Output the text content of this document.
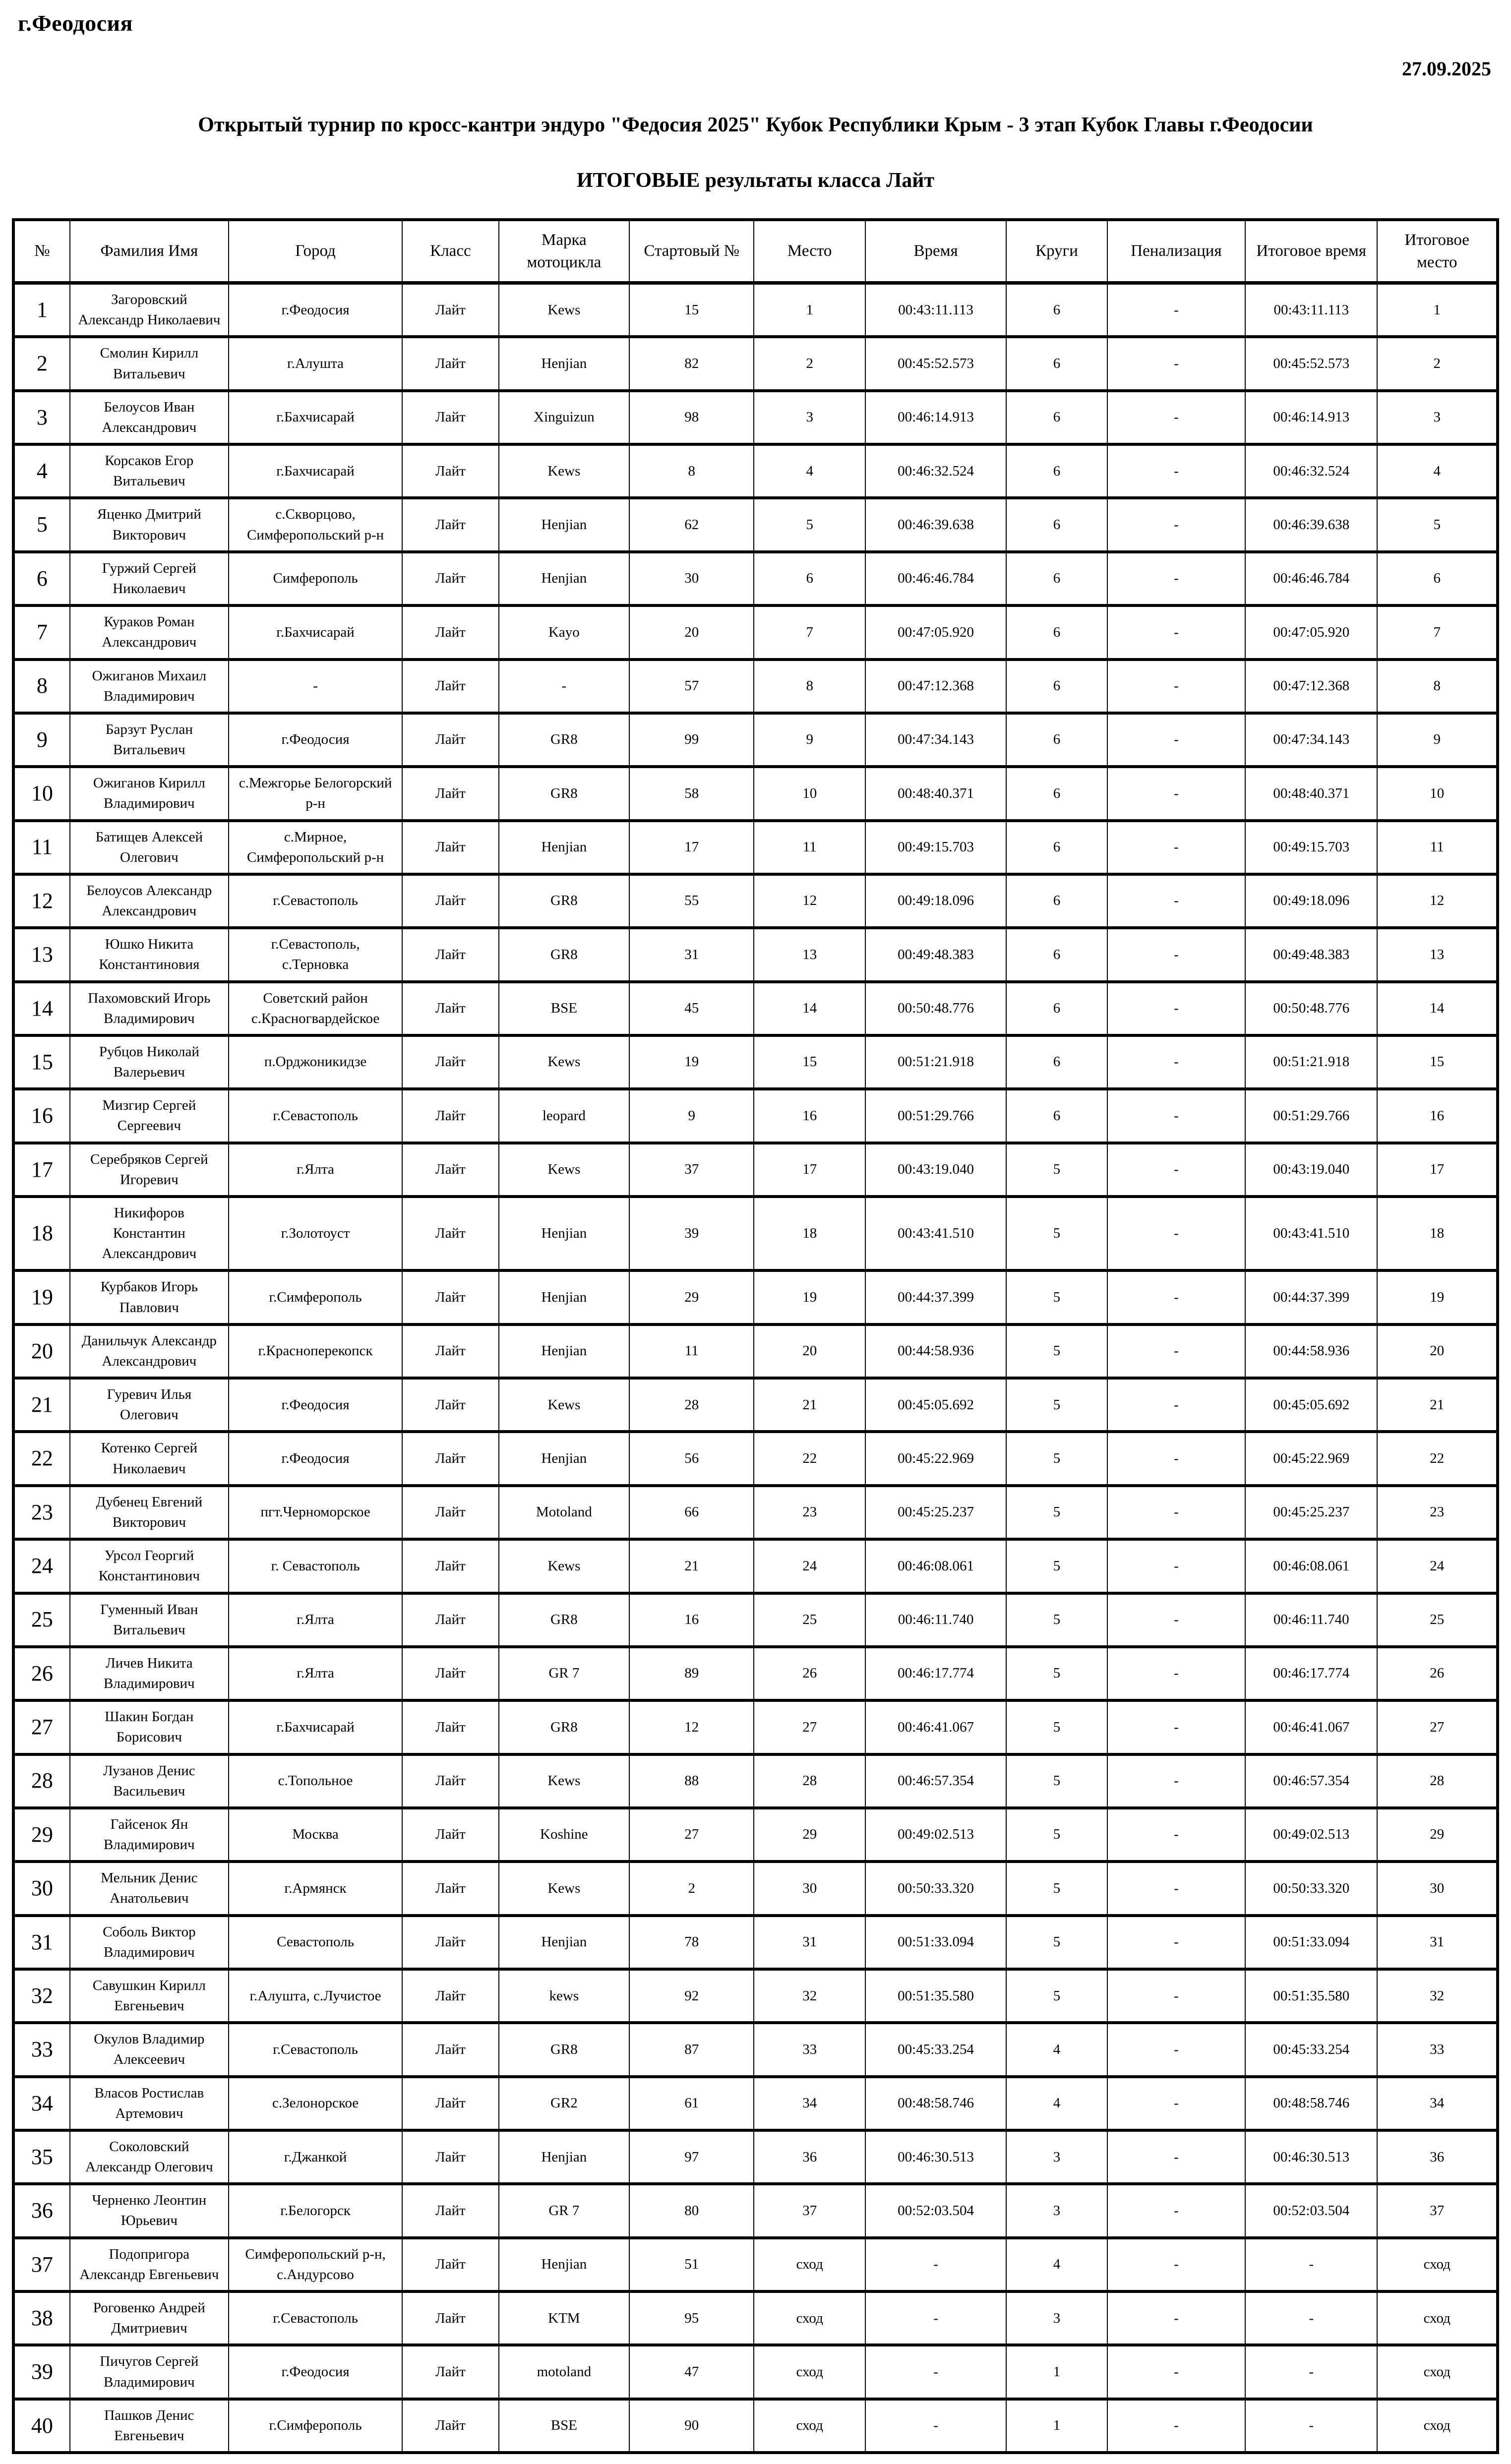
г.Феодосия
27.09.2025
Открытый турнир по кросс-кантри эндуро "Федосия 2025" Кубок Республики Крым - 3 этап Кубок Главы г.Феодосии
ИТОГОВЫЕ результаты класса Лайт
№	Фамилия Имя	Город	Класс	Марка мотоцикла	Стартовый №	Место	Время	Круги	Пенализация	Итоговое время	Итоговое место
1	Загоровский Александр Николаевич	г.Феодосия	Лайт	Kews	15	1	00:43:11.113	6	-	00:43:11.113	1
2	Смолин Кирилл Витальевич	г.Алушта	Лайт	Henjian	82	2	00:45:52.573	6	-	00:45:52.573	2
3	Белоусов Иван Александрович	г.Бахчисарай	Лайт	Xinguizun	98	3	00:46:14.913	6	-	00:46:14.913	3
4	Корсаков Егор Витальевич	г.Бахчисарай	Лайт	Kews	8	4	00:46:32.524	6	-	00:46:32.524	4
5	Яценко Дмитрий Викторович	с.Скворцово, Симферопольский р-н	Лайт	Henjian	62	5	00:46:39.638	6	-	00:46:39.638	5
6	Гуржий Сергей Николаевич	Симферополь	Лайт	Henjian	30	6	00:46:46.784	6	-	00:46:46.784	6
7	Кураков Роман Александрович	г.Бахчисарай	Лайт	Kayo	20	7	00:47:05.920	6	-	00:47:05.920	7
8	Ожиганов Михаил Владимирович	-	Лайт	-	57	8	00:47:12.368	6	-	00:47:12.368	8
9	Барзут Руслан Витальевич	г.Феодосия	Лайт	GR8	99	9	00:47:34.143	6	-	00:47:34.143	9
10	Ожиганов Кирилл Владимирович	с.Межгорье Белогорский р-н	Лайт	GR8	58	10	00:48:40.371	6	-	00:48:40.371	10
11	Батищев Алексей Олегович	с.Мирное, Симферопольский р-н	Лайт	Henjian	17	11	00:49:15.703	6	-	00:49:15.703	11
12	Белоусов Александр Александрович	г.Севастополь	Лайт	GR8	55	12	00:49:18.096	6	-	00:49:18.096	12
13	Юшко Никита Константиновия	г.Севастополь, с.Терновка	Лайт	GR8	31	13	00:49:48.383	6	-	00:49:48.383	13
14	Пахомовский Игорь Владимирович	Советский район с.Красногвардейское	Лайт	BSE	45	14	00:50:48.776	6	-	00:50:48.776	14
15	Рубцов Николай Валерьевич	п.Орджоникидзе	Лайт	Kews	19	15	00:51:21.918	6	-	00:51:21.918	15
16	Мизгир Сергей Сергеевич	г.Севастополь	Лайт	leopard	9	16	00:51:29.766	6	-	00:51:29.766	16
17	Серебряков Сергей Игоревич	г.Ялта	Лайт	Kews	37	17	00:43:19.040	5	-	00:43:19.040	17
18	Никифоров Константин Александрович	г.Золотоуст	Лайт	Henjian	39	18	00:43:41.510	5	-	00:43:41.510	18
19	Курбаков Игорь Павлович	г.Симферополь	Лайт	Henjian	29	19	00:44:37.399	5	-	00:44:37.399	19
20	Данильчук Александр Александрович	г.Красноперекопск	Лайт	Henjian	11	20	00:44:58.936	5	-	00:44:58.936	20
21	Гуревич Илья Олегович	г.Феодосия	Лайт	Kews	28	21	00:45:05.692	5	-	00:45:05.692	21
22	Котенко Сергей Николаевич	г.Феодосия	Лайт	Henjian	56	22	00:45:22.969	5	-	00:45:22.969	22
23	Дубенец Евгений Викторович	пгт.Черноморское	Лайт	Motoland	66	23	00:45:25.237	5	-	00:45:25.237	23
24	Урсол Георгий Константинович	г. Севастополь	Лайт	Kews	21	24	00:46:08.061	5	-	00:46:08.061	24
25	Гуменный Иван Витальевич	г.Ялта	Лайт	GR8	16	25	00:46:11.740	5	-	00:46:11.740	25
26	Личев Никита Владимирович	г.Ялта	Лайт	GR 7	89	26	00:46:17.774	5	-	00:46:17.774	26
27	Шакин Богдан Борисович	г.Бахчисарай	Лайт	GR8	12	27	00:46:41.067	5	-	00:46:41.067	27
28	Лузанов Денис Васильевич	с.Топольное	Лайт	Kews	88	28	00:46:57.354	5	-	00:46:57.354	28
29	Гайсенок Ян Владимирович	Москва	Лайт	Koshine	27	29	00:49:02.513	5	-	00:49:02.513	29
30	Мельник Денис Анатольевич	г.Армянск	Лайт	Kews	2	30	00:50:33.320	5	-	00:50:33.320	30
31	Соболь Виктор Владимирович	Севастополь	Лайт	Henjian	78	31	00:51:33.094	5	-	00:51:33.094	31
32	Савушкин Кирилл Евгеньевич	г.Алушта, с.Лучистое	Лайт	kews	92	32	00:51:35.580	5	-	00:51:35.580	32
33	Окулов Владимир Алексеевич	г.Севастополь	Лайт	GR8	87	33	00:45:33.254	4	-	00:45:33.254	33
34	Власов Ростислав Артемович	с.Зелонорское	Лайт	GR2	61	34	00:48:58.746	4	-	00:48:58.746	34
35	Соколовский Александр Олегович	г.Джанкой	Лайт	Henjian	97	36	00:46:30.513	3	-	00:46:30.513	36
36	Черненко Леонтин Юрьевич	г.Белогорск	Лайт	GR 7	80	37	00:52:03.504	3	-	00:52:03.504	37
37	Подопригора Александр Евгеньевич	Симферопольский р-н, с.Андурсово	Лайт	Henjian	51	сход	-	4	-	-	сход
38	Роговенко Андрей Дмитриевич	г.Севастополь	Лайт	KTM	95	сход	-	3	-	-	сход
39	Пичугов Сергей Владимирович	г.Феодосия	Лайт	motoland	47	сход	-	1	-	-	сход
40	Пашков Денис Евгеньевич	г.Симферополь	Лайт	BSE	90	сход	-	1	-	-	сход
